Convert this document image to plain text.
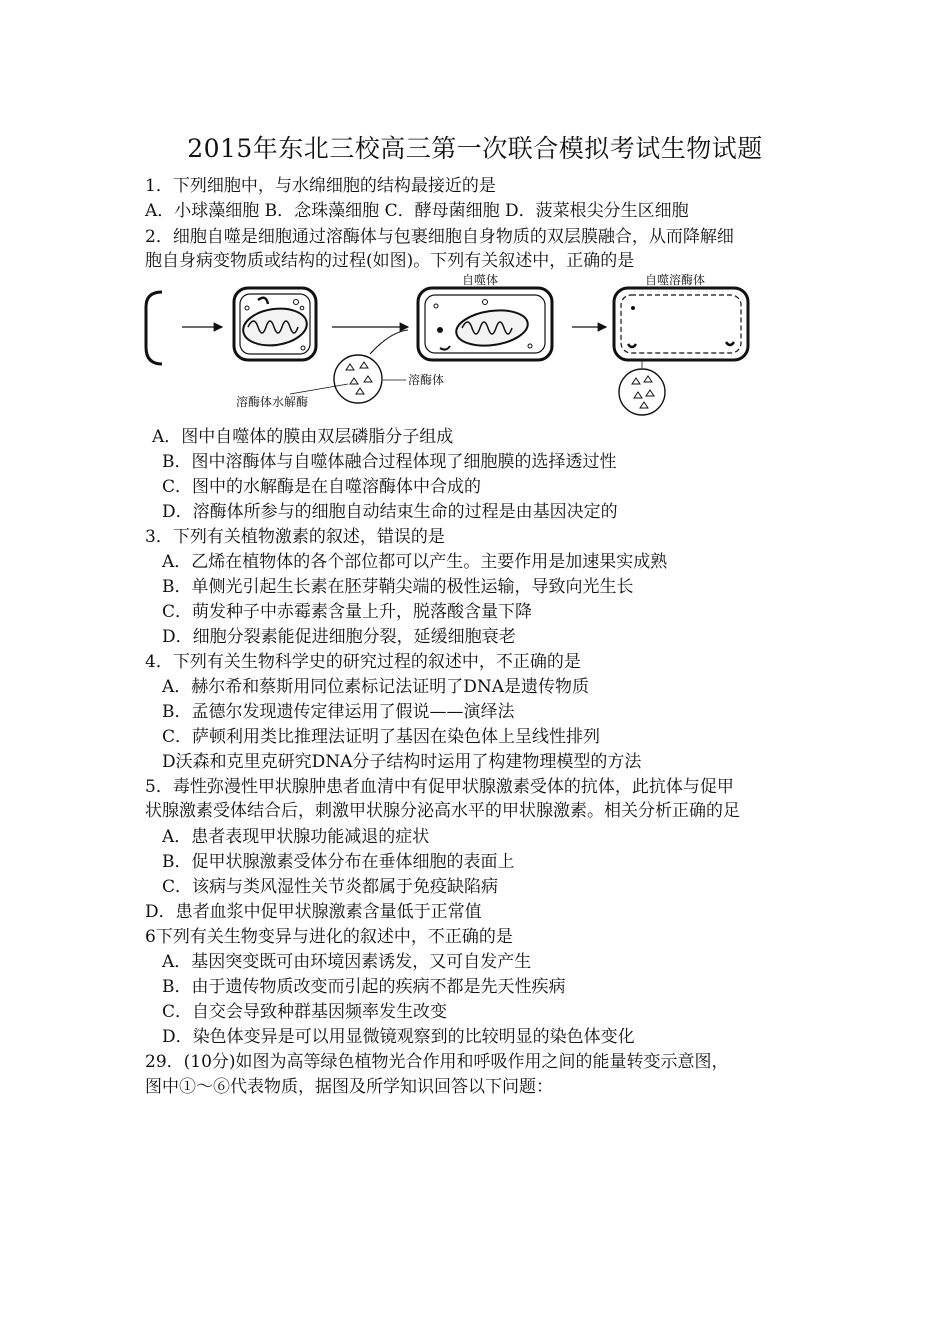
2015年东北三校高三第一次联合模拟考试生物试题
1．下列细胞中，与水绵细胞的结构最接近的是
A．小球藻细胞 B．念珠藻细胞 C．酵母菌细胞 D．菠菜根尖分生区细胞
2．细胞自噬是细胞通过溶酶体与包裹细胞自身物质的双层膜融合，从而降解细
胞自身病变物质或结构的过程(如图)。下列有关叙述中，正确的是
溶酶体
溶酶体水解酶
自噬体	自噬溶酶体
A．图中自噬体的膜由双层磷脂分子组成
B．图中溶酶体与自噬体融合过程体现了细胞膜的选择透过性
C．图中的水解酶是在自噬溶酶体中合成的
D．溶酶体所参与的细胞自动结束生命的过程是由基因决定的
3．下列有关植物激素的叙述，错误的是
A．乙烯在植物体的各个部位都可以产生。主要作用是加速果实成熟
B．单侧光引起生长素在胚芽鞘尖端的极性运输，导致向光生长
C．萌发种子中赤霉素含量上升，脱落酸含量下降
D．细胞分裂素能促进细胞分裂，延缓细胞衰老
4．下列有关生物科学史的研究过程的叙述中，不正确的是
A．赫尔希和蔡斯用同位素标记法证明了DNA是遗传物质
B．孟德尔发现遗传定律运用了假说——演绎法
C．萨顿利用类比推理法证明了基因在染色体上呈线性排列
D沃森和克里克研究DNA分子结构时运用了构建物理模型的方法
5．毒性弥漫性甲状腺肿患者血清中有促甲状腺激素受体的抗体，此抗体与促甲
状腺激素受体结合后，刺激甲状腺分泌高水平的甲状腺激素。相关分析正确的足
A．患者表现甲状腺功能减退的症状
B．促甲状腺激素受体分布在垂体细胞的表面上
C．该病与类风湿性关节炎都属于免疫缺陷病
D．患者血浆中促甲状腺激素含量低于正常值
6下列有关生物变异与进化的叙述中，不正确的是
A．基因突变既可由环境因素诱发，又可自发产生
B．由于遗传物质改变而引起的疾病不都是先天性疾病
C．自交会导致种群基因频率发生改变
D．染色体变异是可以用显微镜观察到的比较明显的染色体变化
29．(10分)如图为高等绿色植物光合作用和呼吸作用之间的能量转变示意图，
图中①～⑥代表物质，据图及所学知识回答以下问题：
